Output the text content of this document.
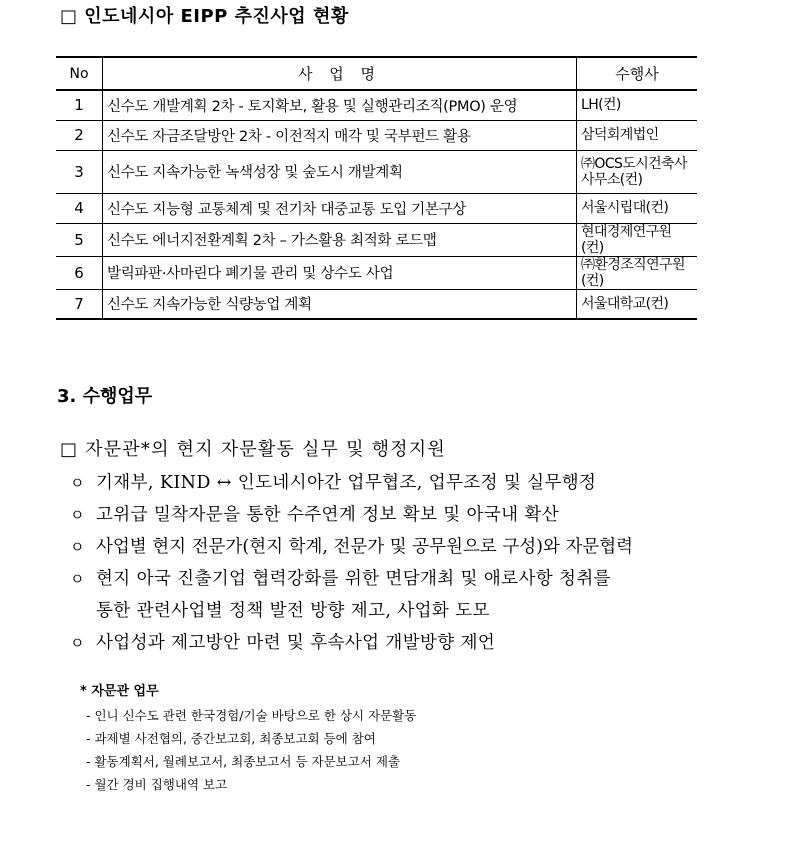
□ 인도네시아 EIPP 추진사업 현황
No	사 업 명	수행사
1	신수도 개발계획 2차 - 토지확보, 활용 및 실행관리조직(PMO) 운영	LH(컨)
2	신수도 자금조달방안 2차 - 이전적지 매각 및 국부펀드 활용	삼덕회계법인
3	신수도 지속가능한 녹색성장 및 숲도시 개발계획	㈜OCS도시건축사사무소(컨)
4	신수도 지능형 교통체계 및 전기차 대중교통 도입 기본구상	서울시립대(컨)
5	신수도 에너지전환계획 2차 – 가스활용 최적화 로드맵	현대경제연구원(컨)
6	발릭파판·사마린다 폐기물 관리 및 상수도 사업	㈜환경조직연구원(컨)
7	신수도 지속가능한 식량농업 계획	서울대학교(컨)
3. 수행업무
□ 자문관*의 현지 자문활동 실무 및 행정지원
ㅇ 기재부, KIND ↔ 인도네시아간 업무협조, 업무조정 및 실무행정
ㅇ 고위급 밀착자문을 통한 수주연계 정보 확보 및 아국내 확산
ㅇ 사업별 현지 전문가(현지 학계, 전문가 및 공무원으로 구성)와 자문협력
ㅇ 현지 아국 진출기업 협력강화를 위한 면담개최 및 애로사항 청취를
통한 관련사업별 정책 발전 방향 제고, 사업화 도모
ㅇ 사업성과 제고방안 마련 및 후속사업 개발방향 제언
* 자문관 업무
- 인니 신수도 관련 한국경험/기술 바탕으로 한 상시 자문활동
- 과제별 사전협의, 중간보고회, 최종보고회 등에 참여
- 활동계획서, 월례보고서, 최종보고서 등 자문보고서 제출
- 월간 경비 집행내역 보고
